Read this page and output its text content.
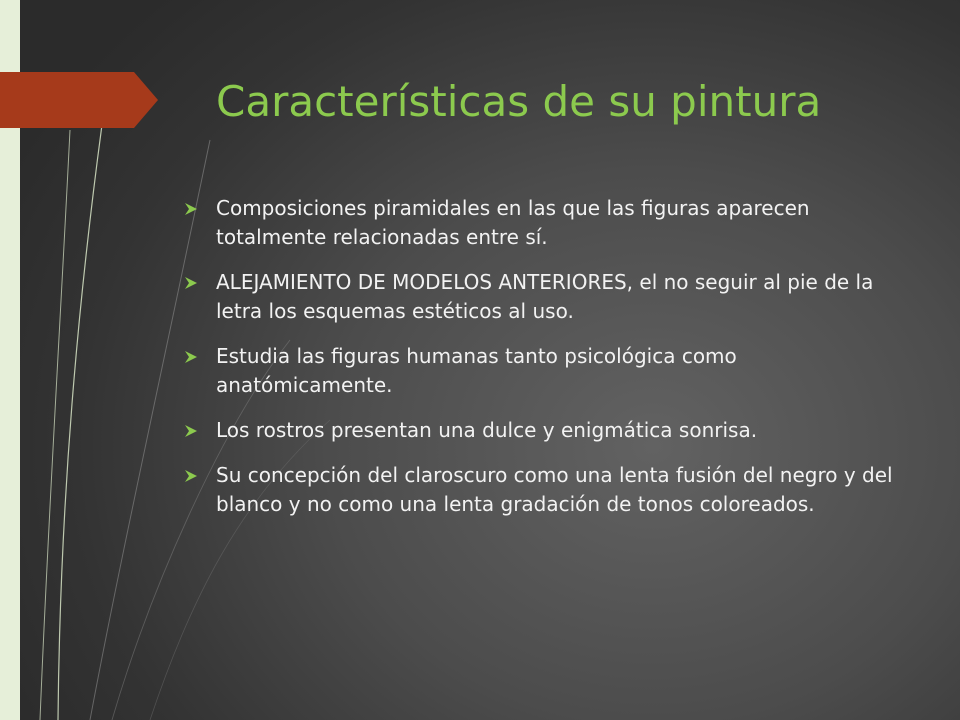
Características de su pintura
Composiciones piramidales en las que las figuras aparecen totalmente relacionadas entre sí.
ALEJAMIENTO DE MODELOS ANTERIORES, el no seguir al pie de la letra los esquemas estéticos al uso.
Estudia las figuras humanas tanto psicológica como anatómicamente.
Los rostros presentan una dulce y enigmática sonrisa.
Su concepción del claroscuro como una lenta fusión del negro y del blanco y no como una lenta gradación de tonos coloreados.
